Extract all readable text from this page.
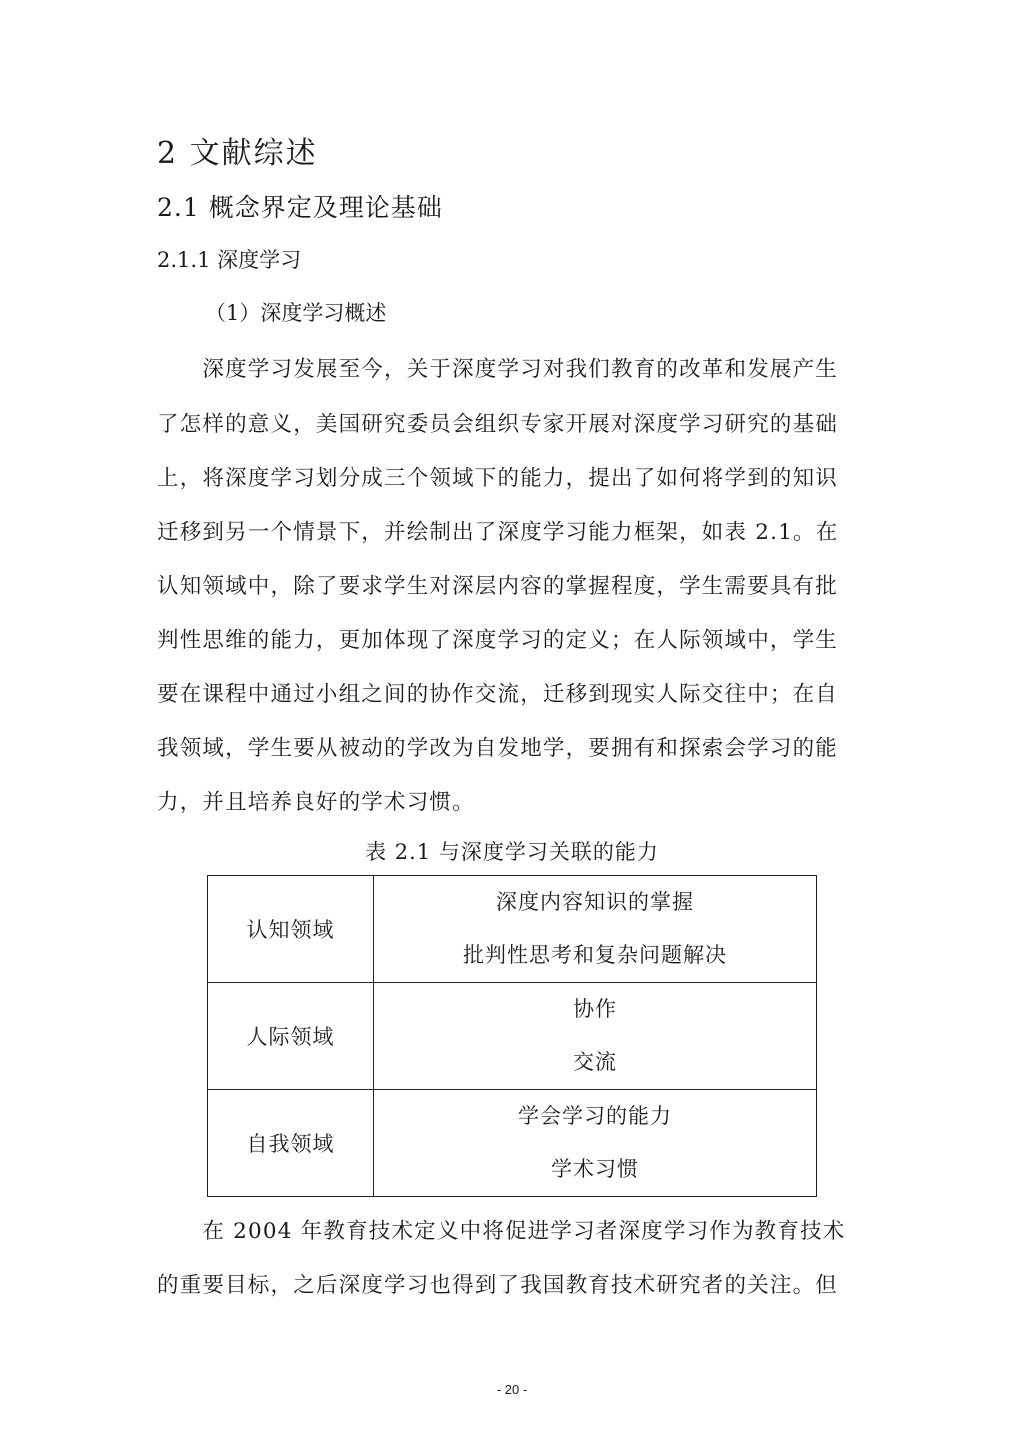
2 文献综述
2.1 概念界定及理论基础
2.1.1 深度学习
（1）深度学习概述
　　深度学习发展至今，关于深度学习对我们教育的改革和发展产生
了怎样的意义，美国研究委员会组织专家开展对深度学习研究的基础
上，将深度学习划分成三个领域下的能力，提出了如何将学到的知识
迁移到另一个情景下，并绘制出了深度学习能力框架，如表 2.1。在
认知领域中，除了要求学生对深层内容的掌握程度，学生需要具有批
判性思维的能力，更加体现了深度学习的定义；在人际领域中，学生
要在课程中通过小组之间的协作交流，迁移到现实人际交往中；在自
我领域，学生要从被动的学改为自发地学，要拥有和探索会学习的能
力，并且培养良好的学术习惯。
表 2.1 与深度学习关联的能力
认知领域	深度内容知识的掌握
批判性思考和复杂问题解决

人际领域	协作
交流

自我领域	学会学习的能力
学术习惯
　　在 2004 年教育技术定义中将促进学习者深度学习作为教育技术
的重要目标，之后深度学习也得到了我国教育技术研究者的关注。但
- 20 -
